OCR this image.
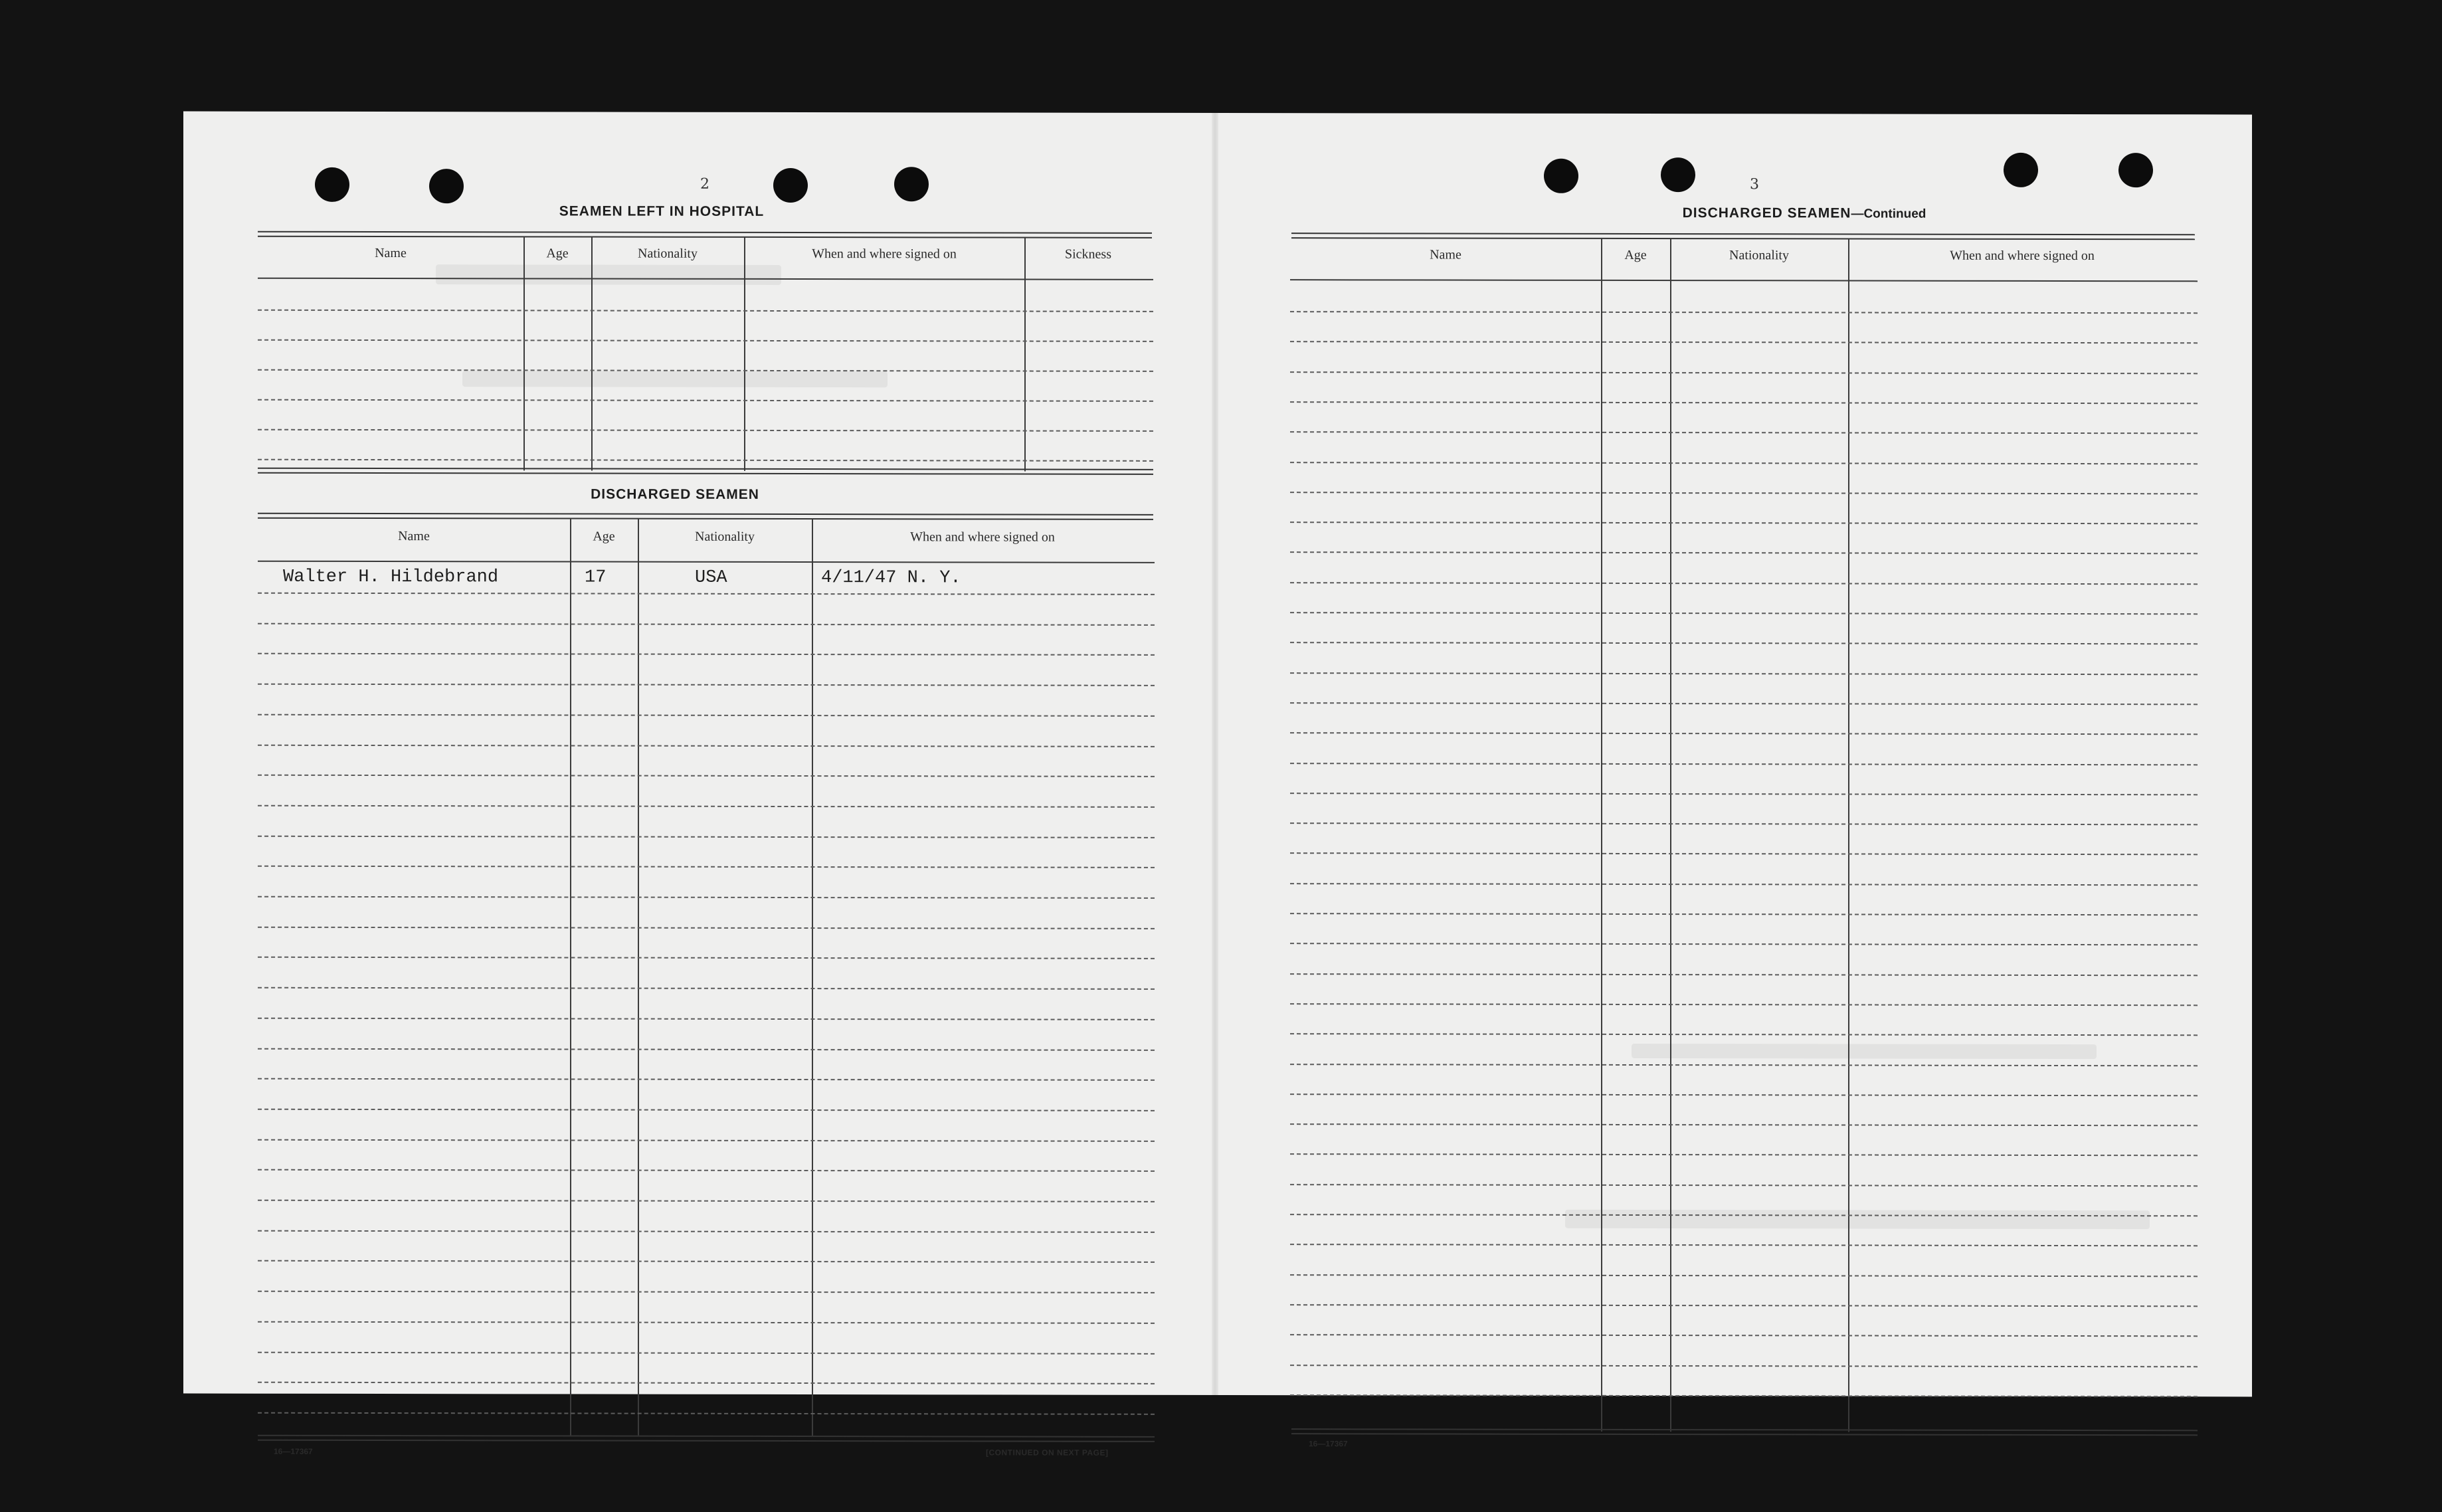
2
SEAMEN LEFT IN HOSPITAL
Name	Age	Nationality	When and where signed on	Sickness
DISCHARGED SEAMEN
Name	Age	Nationality	When and where signed on
Walter H. Hildebrand	17	USA	4/11/47 N. Y.
16—17367	[CONTINUED ON NEXT PAGE]
3
DISCHARGED SEAMEN—Continued
Name	Age	Nationality	When and where signed on
16—17367
